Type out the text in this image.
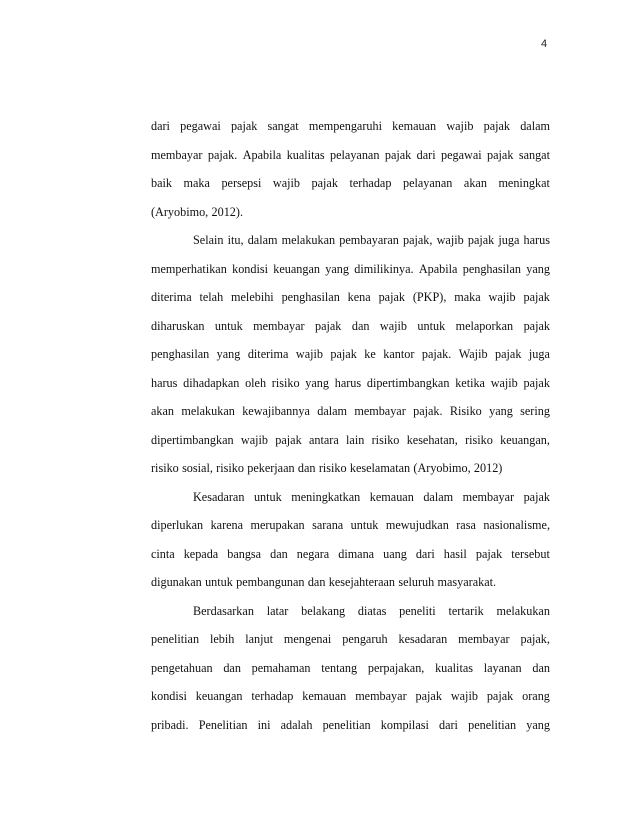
4
dari pegawai pajak sangat mempengaruhi kemauan wajib pajak dalam
membayar pajak. Apabila kualitas pelayanan pajak dari pegawai pajak sangat
baik maka persepsi wajib pajak terhadap pelayanan akan meningkat
(Aryobimo, 2012).
Selain itu, dalam melakukan pembayaran pajak, wajib pajak juga harus
memperhatikan kondisi keuangan yang dimilikinya. Apabila penghasilan yang
diterima telah melebihi penghasilan kena pajak (PKP), maka wajib pajak
diharuskan untuk membayar pajak dan wajib untuk melaporkan pajak
penghasilan yang diterima wajib pajak ke kantor pajak. Wajib pajak juga
harus dihadapkan oleh risiko yang harus dipertimbangkan ketika wajib pajak
akan melakukan kewajibannya dalam membayar pajak. Risiko yang sering
dipertimbangkan wajib pajak antara lain risiko kesehatan, risiko keuangan,
risiko sosial, risiko pekerjaan dan risiko keselamatan (Aryobimo, 2012)
Kesadaran untuk meningkatkan kemauan dalam membayar pajak
diperlukan karena merupakan sarana untuk mewujudkan rasa nasionalisme,
cinta kepada bangsa dan negara dimana uang dari hasil pajak tersebut
digunakan untuk pembangunan dan kesejahteraan seluruh masyarakat.
Berdasarkan latar belakang diatas peneliti tertarik melakukan
penelitian lebih lanjut mengenai pengaruh kesadaran membayar pajak,
pengetahuan dan pemahaman tentang perpajakan, kualitas layanan dan
kondisi keuangan terhadap kemauan membayar pajak wajib pajak orang
pribadi. Penelitian ini adalah penelitian kompilasi dari penelitian yang
